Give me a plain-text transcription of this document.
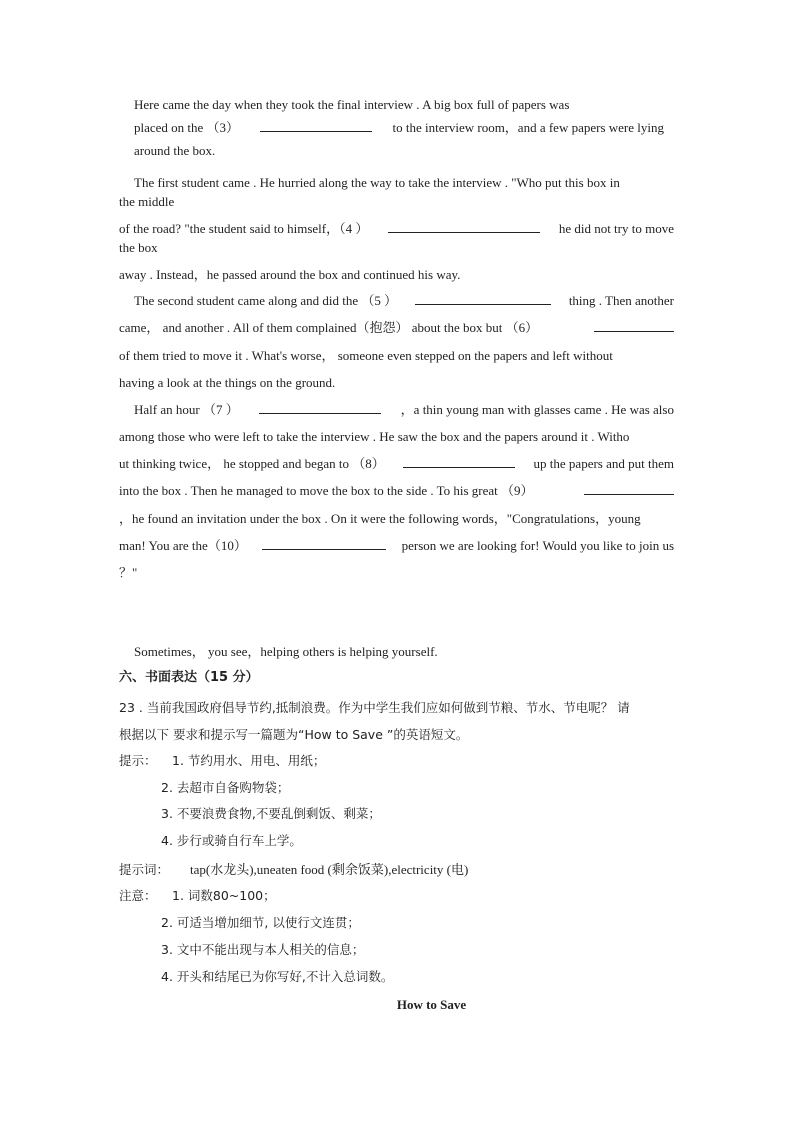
Here came the day when they took the final interview . A big box full of papers was
placed on the （3）	to the interview room，and a few papers were lying
around the box.
The first student came . He hurried along the way to take the interview . "Who put this box in
the middle
of the road? "the student said to himself，（4 ）	he did not try to move
the box
away . Instead，he passed around the box and continued his way.
The second student came along and did the （5 ）	thing . Then another
came， and another . All of them complained（抱怨） about the box but （6）
of them tried to move it . What's worse， someone even stepped on the papers and left without
having a look at the things on the ground.
Half an hour （7 ）	，a thin young man with glasses came . He was also
among those who were left to take the interview . He saw the box and the papers around it . Witho
ut thinking twice， he stopped and began to （8）	up the papers and put them
into the box . Then he managed to move the box to the side . To his great （9）
，he found an invitation under the box . On it were the following words，"Congratulations，young
man! You are the（10）	person we are looking for! Would you like to join us
？"
Sometimes， you see，helping others is helping yourself.
六、书面表达（15 分）
23 . 当前我国政府倡导节约,抵制浪费。作为中学生我们应如何做到节粮、节水、节电呢？ 请
根据以下 要求和提示写一篇题为“How to Save ”的英语短文。
提示： 1. 节约用水、用电、用纸；
2. 去超市自备购物袋；
3. 不要浪费食物,不要乱倒剩饭、剩菜；
4. 步行或骑自行车上学。
提示词： tap(水龙头),uneaten food (剩余饭菜),electricity (电)
注意： 1. 词数80~100；
2. 可适当增加细节, 以使行文连贯；
3. 文中不能出现与本人相关的信息；
4. 开头和结尾已为你写好,不计入总词数。
How to Save
